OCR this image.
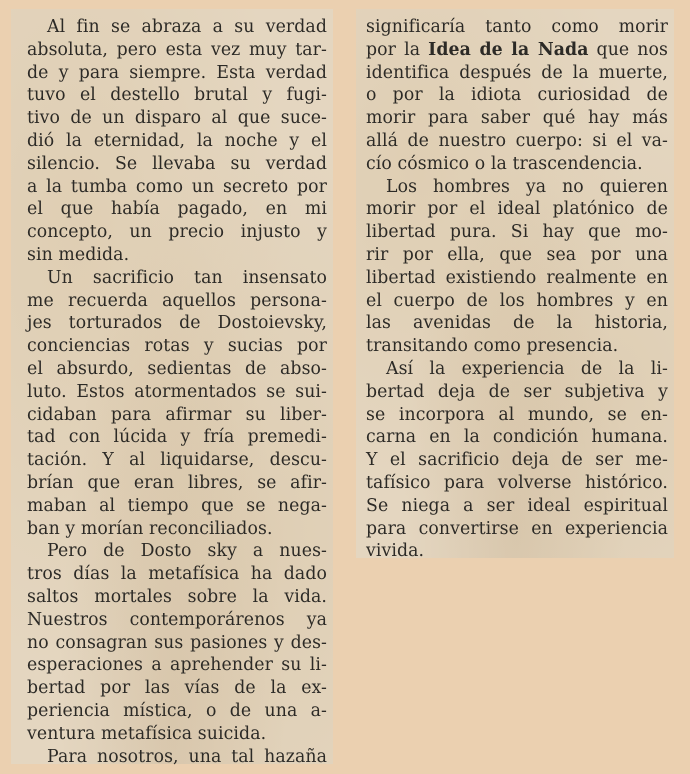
Al fin se abraza a su verdad
absoluta, pero esta vez muy tar-
de y para siempre. Esta verdad
tuvo el destello brutal y fugi-
tivo de un disparo al que suce-
dió la eternidad, la noche y el
silencio. Se llevaba su verdad
a la tumba como un secreto por
el que había pagado, en mi
concepto, un precio injusto y
sin medida.
Un sacrificio tan insensato
me recuerda aquellos persona-
jes torturados de Dostoievsky,
conciencias rotas y sucias por
el absurdo, sedientas de abso-
luto. Estos atormentados se sui-
cidaban para afirmar su liber-
tad con lúcida y fría premedi-
tación. Y al liquidarse, descu-
brían que eran libres, se afir-
maban al tiempo que se nega-
ban y morían reconciliados.
Pero de Dosto sky a nues-
tros días la metafísica ha dado
saltos mortales sobre la vida.
Nuestros contemporárenos ya
no consagran sus pasiones y des-
esperaciones a aprehender su li-
bertad por las vías de la ex-
periencia mística, o de una a-
ventura metafísica suicida.
Para nosotros, una tal hazaña
significaría tanto como morir
por la Idea de la Nada que nos
identifica después de la muerte,
o por la idiota curiosidad de
morir para saber qué hay más
allá de nuestro cuerpo: si el va-
cío cósmico o la trascendencia.
Los hombres ya no quieren
morir por el ideal platónico de
libertad pura. Si hay que mo-
rir por ella, que sea por una
libertad existiendo realmente en
el cuerpo de los hombres y en
las avenidas de la historia,
transitando como presencia.
Así la experiencia de la li-
bertad deja de ser subjetiva y
se incorpora al mundo, se en-
carna en la condición humana.
Y el sacrificio deja de ser me-
tafísico para volverse histórico.
Se niega a ser ideal espiritual
para convertirse en experiencia
vivida.
